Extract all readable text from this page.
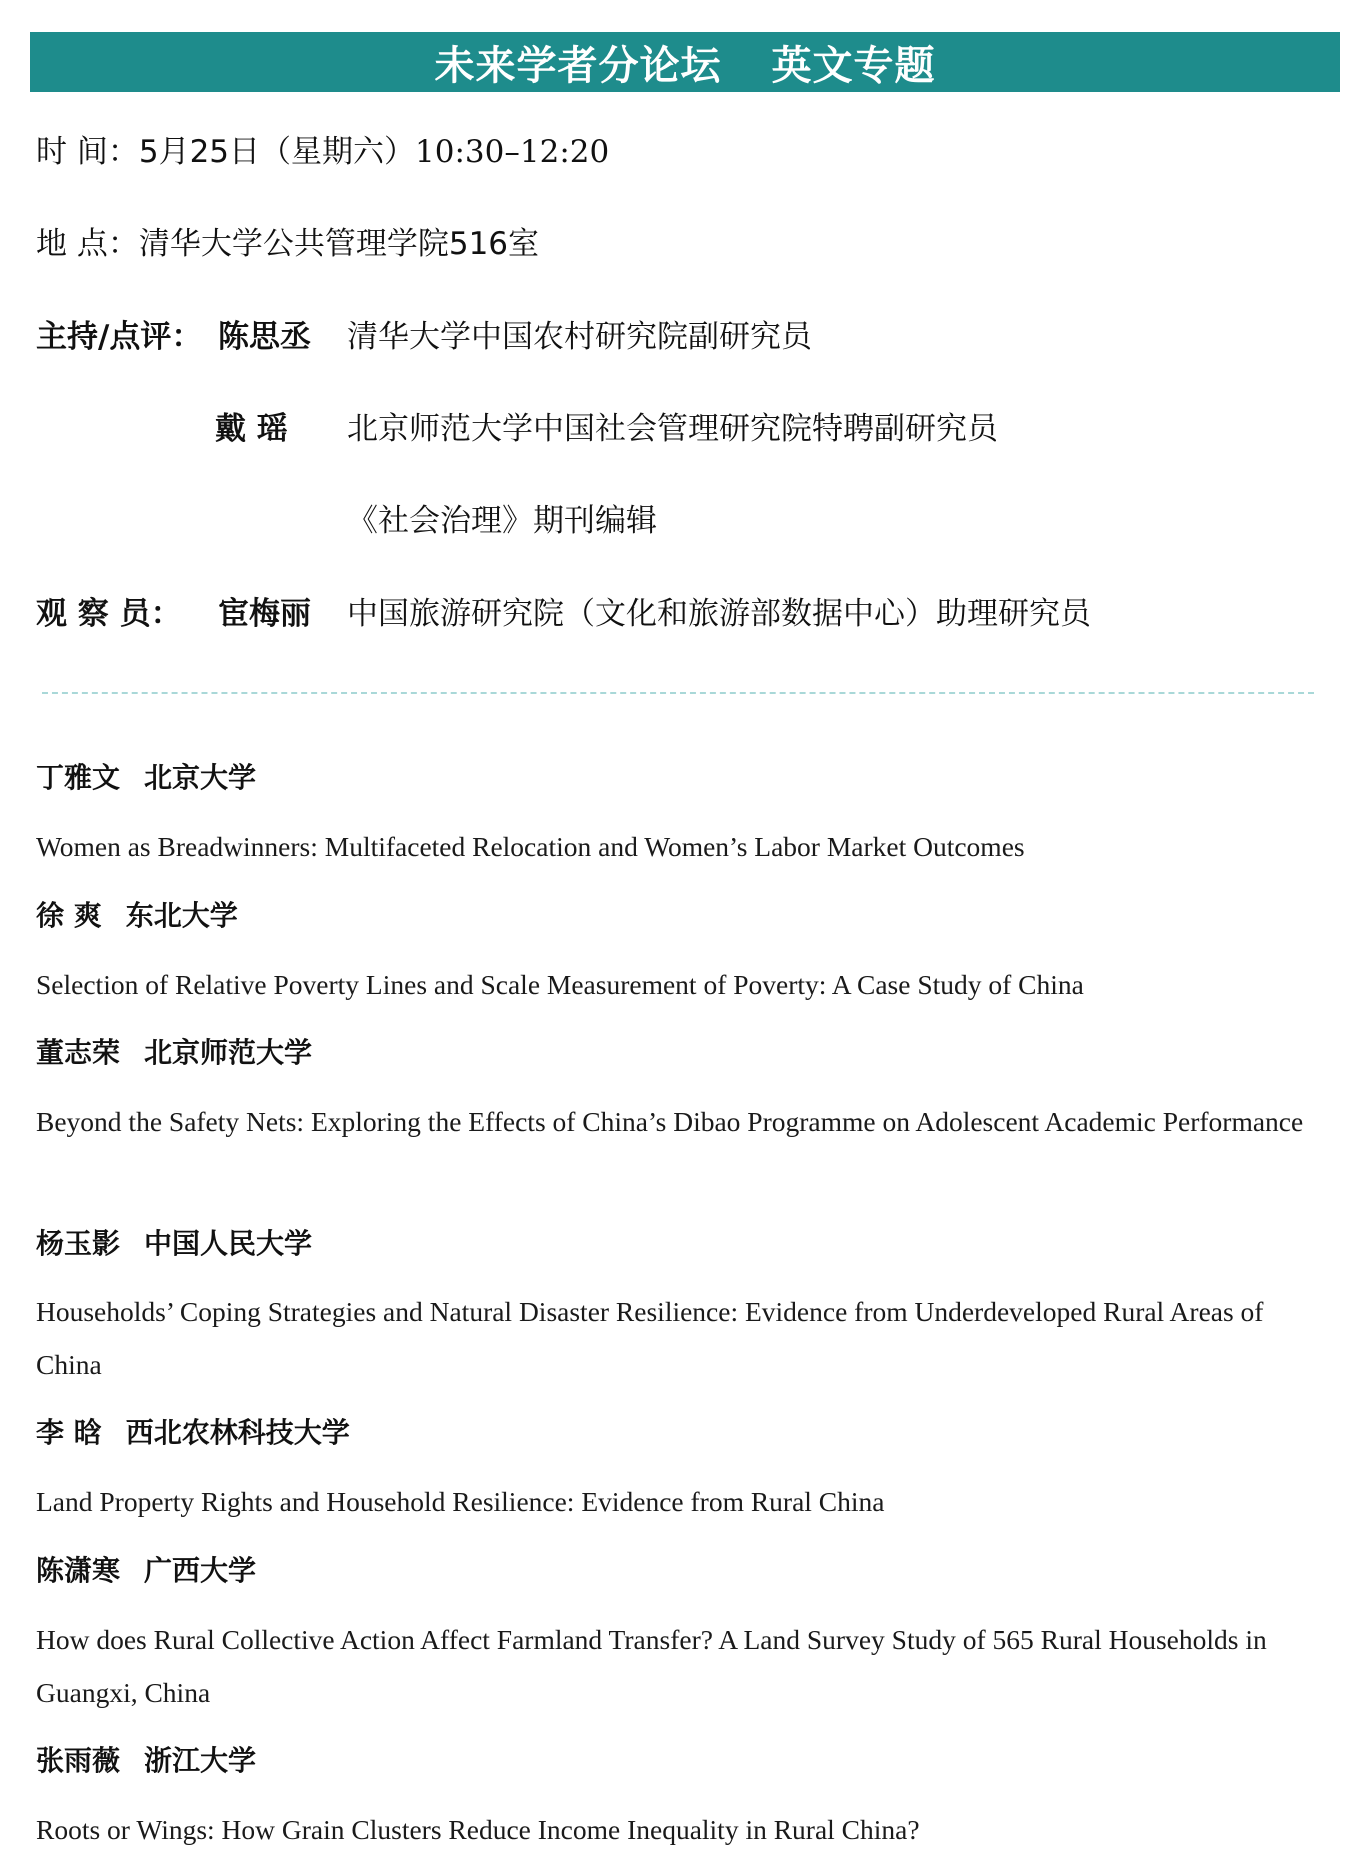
未来学者分论坛 英文专题
时 间：5月25日（星期六）10:30–12:20
地 点：清华大学公共管理学院516室
主持/点评： 陈思丞 清华大学中国农村研究院副研究员
戴 瑶 北京师范大学中国社会管理研究院特聘副研究员
《社会治理》期刊编辑
观 察 员： 宦梅丽 中国旅游研究院（文化和旅游部数据中心）助理研究员
丁雅文 北京大学
Women as Breadwinners: Multifaceted Relocation and Women’s Labor Market Outcomes
徐 爽 东北大学
Selection of Relative Poverty Lines and Scale Measurement of Poverty: A Case Study of China
董志荣 北京师范大学
Beyond the Safety Nets: Exploring the Effects of China’s Dibao Programme on Adolescent Academic Performance
杨玉影 中国人民大学
Households’ Coping Strategies and Natural Disaster Resilience: Evidence from Underdeveloped Rural Areas of China
李 晗 西北农林科技大学
Land Property Rights and Household Resilience: Evidence from Rural China
陈潇寒 广西大学
How does Rural Collective Action Affect Farmland Transfer? A Land Survey Study of 565 Rural Households in Guangxi, China
张雨薇 浙江大学
Roots or Wings: How Grain Clusters Reduce Income Inequality in Rural China?
